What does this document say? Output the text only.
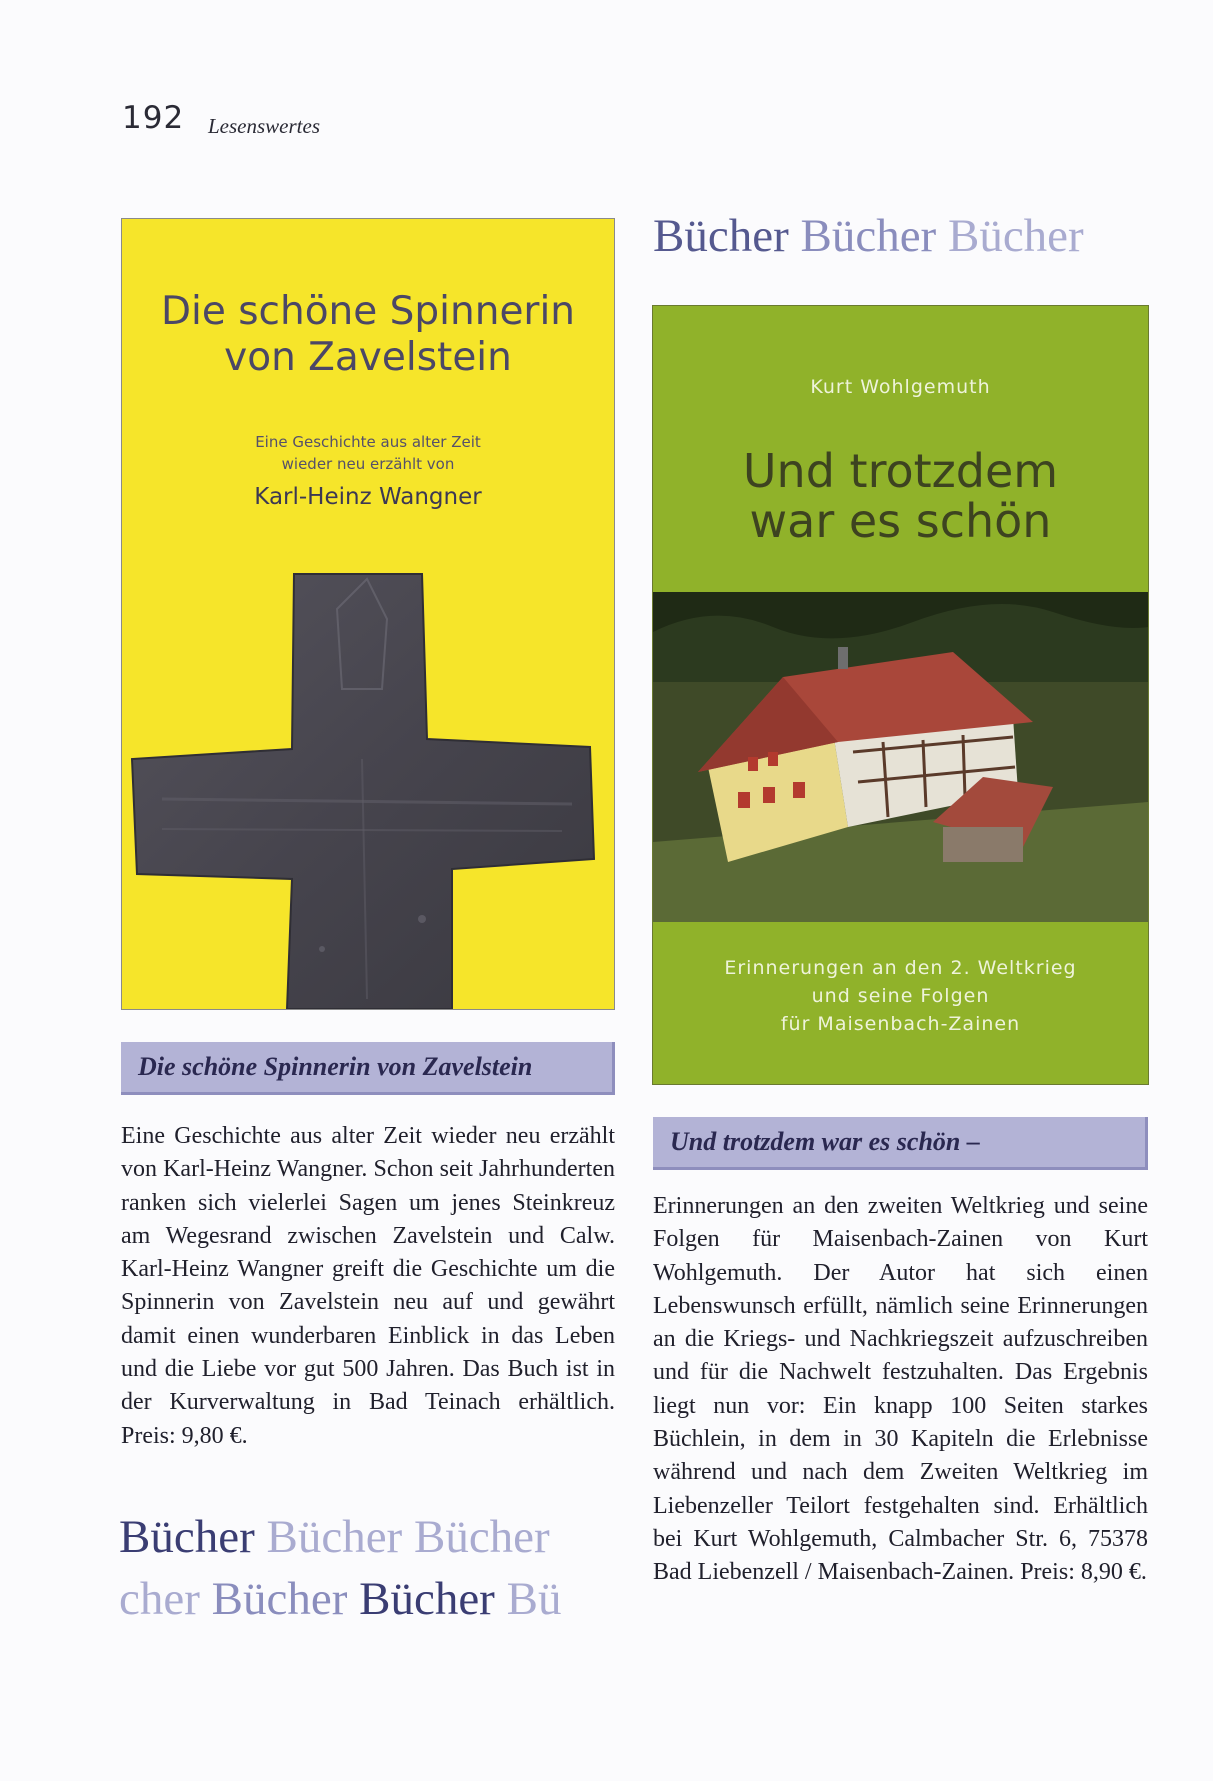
192 Lesenswertes
Bücher Bücher Bücher
Die schöne Spinnerin
von Zavelstein
Eine Geschichte aus alter Zeit
wieder neu erzählt von
Karl-Heinz Wangner
Kurt Wohlgemuth
Und trotzdem
war es schön
Erinnerungen an den 2. Weltkrieg
und seine Folgen
für Maisenbach-Zainen
Die schöne Spinnerin von Zavelstein
Und trotzdem war es schön –
Eine Geschichte aus alter Zeit wieder neu erzählt von Karl-Heinz Wangner. Schon seit Jahrhunderten ranken sich vielerlei Sagen um jenes Steinkreuz am Wegesrand zwischen Zavelstein und Calw. Karl-Heinz Wangner greift die Geschichte um die Spinnerin von Zavelstein neu auf und gewährt damit einen wunderbaren Einblick in das Leben und die Liebe vor gut 500 Jahren. Das Buch ist in der Kurverwaltung in Bad Teinach erhältlich. Preis: 9,80 €.
Erinnerungen an den zweiten Weltkrieg und seine Folgen für Maisenbach-Zainen von Kurt Wohlgemuth. Der Autor hat sich einen Lebenswunsch erfüllt, nämlich seine Erinnerungen an die Kriegs- und Nachkriegszeit aufzuschreiben und für die Nachwelt festzuhalten. Das Ergebnis liegt nun vor: Ein knapp 100 Seiten starkes Büchlein, in dem in 30 Kapiteln die Erlebnisse während und nach dem Zweiten Weltkrieg im Liebenzeller Teilort festgehalten sind. Erhältlich bei Kurt Wohlgemuth, Calmbacher Str. 6, 75378 Bad Liebenzell / Maisenbach-Zainen. Preis: 8,90 €.
Bücher Bücher Bücher
cher Bücher Bücher Bü
